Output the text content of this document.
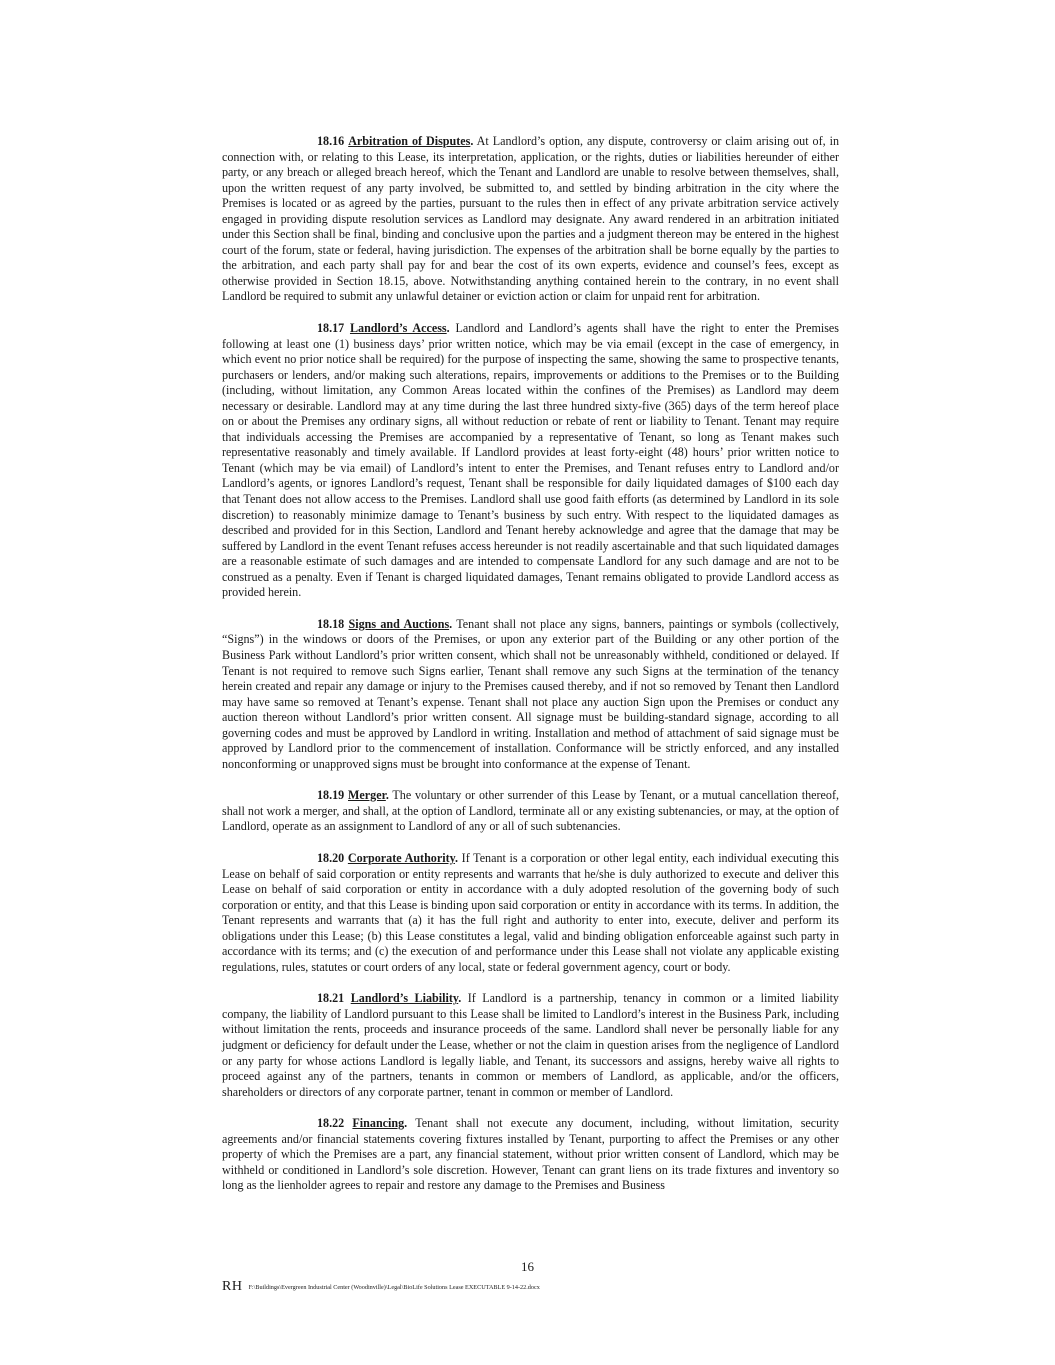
18.16 Arbitration of Disputes. At Landlord’s option, any dispute, controversy or claim arising out of, in connection with, or relating to this Lease, its interpretation, application, or the rights, duties or liabilities hereunder of either party, or any breach or alleged breach hereof, which the Tenant and Landlord are unable to resolve between themselves, shall, upon the written request of any party involved, be submitted to, and settled by binding arbitration in the city where the Premises is located or as agreed by the parties, pursuant to the rules then in effect of any private arbitration service actively engaged in providing dispute resolution services as Landlord may designate. Any award rendered in an arbitration initiated under this Section shall be final, binding and conclusive upon the parties and a judgment thereon may be entered in the highest court of the forum, state or federal, having jurisdiction. The expenses of the arbitration shall be borne equally by the parties to the arbitration, and each party shall pay for and bear the cost of its own experts, evidence and counsel’s fees, except as otherwise provided in Section 18.15, above. Notwithstanding anything contained herein to the contrary, in no event shall Landlord be required to submit any unlawful detainer or eviction action or claim for unpaid rent for arbitration.

18.17 Landlord’s Access. Landlord and Landlord’s agents shall have the right to enter the Premises following at least one (1) business days’ prior written notice, which may be via email (except in the case of emergency, in which event no prior notice shall be required) for the purpose of inspecting the same, showing the same to prospective tenants, purchasers or lenders, and/or making such alterations, repairs, improvements or additions to the Premises or to the Building (including, without limitation, any Common Areas located within the confines of the Premises) as Landlord may deem necessary or desirable. Landlord may at any time during the last three hundred sixty-five (365) days of the term hereof place on or about the Premises any ordinary signs, all without reduction or rebate of rent or liability to Tenant. Tenant may require that individuals accessing the Premises are accompanied by a representative of Tenant, so long as Tenant makes such representative reasonably and timely available. If Landlord provides at least forty-eight (48) hours’ prior written notice to Tenant (which may be via email) of Landlord’s intent to enter the Premises, and Tenant refuses entry to Landlord and/or Landlord’s agents, or ignores Landlord’s request, Tenant shall be responsible for daily liquidated damages of $100 each day that Tenant does not allow access to the Premises. Landlord shall use good faith efforts (as determined by Landlord in its sole discretion) to reasonably minimize damage to Tenant’s business by such entry. With respect to the liquidated damages as described and provided for in this Section, Landlord and Tenant hereby acknowledge and agree that the damage that may be suffered by Landlord in the event Tenant refuses access hereunder is not readily ascertainable and that such liquidated damages are a reasonable estimate of such damages and are intended to compensate Landlord for any such damage and are not to be construed as a penalty. Even if Tenant is charged liquidated damages, Tenant remains obligated to provide Landlord access as provided herein.

18.18 Signs and Auctions. Tenant shall not place any signs, banners, paintings or symbols (collectively, “Signs”) in the windows or doors of the Premises, or upon any exterior part of the Building or any other portion of the Business Park without Landlord’s prior written consent, which shall not be unreasonably withheld, conditioned or delayed. If Tenant is not required to remove such Signs earlier, Tenant shall remove any such Signs at the termination of the tenancy herein created and repair any damage or injury to the Premises caused thereby, and if not so removed by Tenant then Landlord may have same so removed at Tenant’s expense. Tenant shall not place any auction Sign upon the Premises or conduct any auction thereon without Landlord’s prior written consent. All signage must be building-standard signage, according to all governing codes and must be approved by Landlord in writing. Installation and method of attachment of said signage must be approved by Landlord prior to the commencement of installation. Conformance will be strictly enforced, and any installed nonconforming or unapproved signs must be brought into conformance at the expense of Tenant.

18.19 Merger. The voluntary or other surrender of this Lease by Tenant, or a mutual cancellation thereof, shall not work a merger, and shall, at the option of Landlord, terminate all or any existing subtenancies, or may, at the option of Landlord, operate as an assignment to Landlord of any or all of such subtenancies.

18.20 Corporate Authority. If Tenant is a corporation or other legal entity, each individual executing this Lease on behalf of said corporation or entity represents and warrants that he/she is duly authorized to execute and deliver this Lease on behalf of said corporation or entity in accordance with a duly adopted resolution of the governing body of such corporation or entity, and that this Lease is binding upon said corporation or entity in accordance with its terms. In addition, the Tenant represents and warrants that (a) it has the full right and authority to enter into, execute, deliver and perform its obligations under this Lease; (b) this Lease constitutes a legal, valid and binding obligation enforceable against such party in accordance with its terms; and (c) the execution of and performance under this Lease shall not violate any applicable existing regulations, rules, statutes or court orders of any local, state or federal government agency, court or body.

18.21 Landlord’s Liability. If Landlord is a partnership, tenancy in common or a limited liability company, the liability of Landlord pursuant to this Lease shall be limited to Landlord’s interest in the Business Park, including without limitation the rents, proceeds and insurance proceeds of the same. Landlord shall never be personally liable for any judgment or deficiency for default under the Lease, whether or not the claim in question arises from the negligence of Landlord or any party for whose actions Landlord is legally liable, and Tenant, its successors and assigns, hereby waive all rights to proceed against any of the partners, tenants in common or members of Landlord, as applicable, and/or the officers, shareholders or directors of any corporate partner, tenant in common or member of Landlord.

18.22 Financing. Tenant shall not execute any document, including, without limitation, security agreements and/or financial statements covering fixtures installed by Tenant, purporting to affect the Premises or any other property of which the Premises are a part, any financial statement, without prior written consent of Landlord, which may be withheld or conditioned in Landlord’s sole discretion. However, Tenant can grant liens on its trade fixtures and inventory so long as the lienholder agrees to repair and restore any damage to the Premises and Business

16
RH F:\Buildings\Evergreen Industrial Center (Woodinville)\Legal\BioLife Solutions Lease EXECUTABLE 9-14-22.docx
